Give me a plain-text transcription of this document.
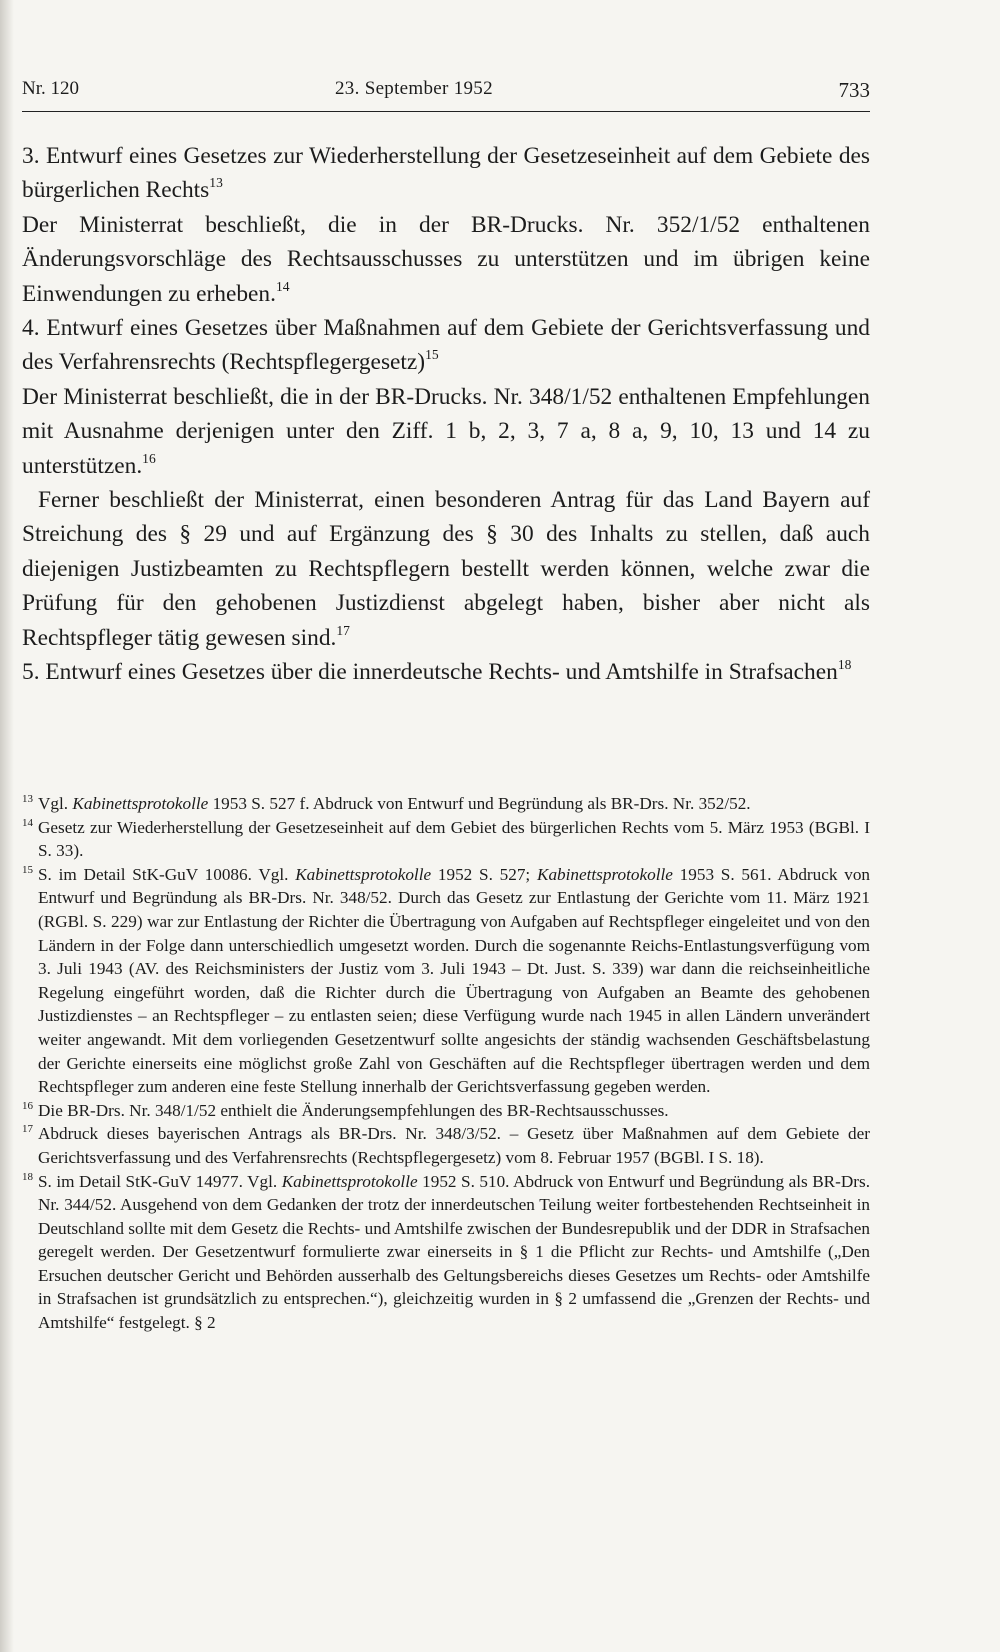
Nr. 120	23. September 1952	733

3. Entwurf eines Gesetzes zur Wiederherstellung der Gesetzeseinheit auf dem Gebiete des bürgerlichen Rechts$^{13}$

Der Ministerrat beschließt, die in der BR-Drucks. Nr. 352/1/52 enthaltenen Änderungsvorschläge des Rechtsausschusses zu unterstützen und im übrigen keine Einwendungen zu erheben.$^{14}$

4. Entwurf eines Gesetzes über Maßnahmen auf dem Gebiete der Gerichtsverfassung und des Verfahrensrechts (Rechtspflegergesetz)$^{15}$

Der Ministerrat beschließt, die in der BR-Drucks. Nr. 348/1/52 enthaltenen Empfehlungen mit Ausnahme derjenigen unter den Ziff. 1 b, 2, 3, 7 a, 8 a, 9, 10, 13 und 14 zu unterstützen.$^{16}$

Ferner beschließt der Ministerrat, einen besonderen Antrag für das Land Bayern auf Streichung des § 29 und auf Ergänzung des § 30 des Inhalts zu stellen, daß auch diejenigen Justizbeamten zu Rechtspflegern bestellt werden können, welche zwar die Prüfung für den gehobenen Justizdienst abgelegt haben, bisher aber nicht als Rechtspfleger tätig gewesen sind.$^{17}$

5. Entwurf eines Gesetzes über die innerdeutsche Rechts- und Amtshilfe in Strafsachen$^{18}$

13 Vgl. Kabinettsprotokolle 1953 S. 527 f. Abdruck von Entwurf und Begründung als BR-Drs. Nr. 352/52.
14 Gesetz zur Wiederherstellung der Gesetzeseinheit auf dem Gebiet des bürgerlichen Rechts vom 5. März 1953 (BGBl. I S. 33).
15 S. im Detail StK-GuV 10086. Vgl. Kabinettsprotokolle 1952 S. 527; Kabinettsprotokolle 1953 S. 561. Abdruck von Entwurf und Begründung als BR-Drs. Nr. 348/52. Durch das Gesetz zur Entlastung der Gerichte vom 11. März 1921 (RGBl. S. 229) war zur Entlastung der Richter die Übertragung von Aufgaben auf Rechtspfleger eingeleitet und von den Ländern in der Folge dann unterschiedlich umgesetzt worden. Durch die sogenannte Reichs-Entlastungsverfügung vom 3. Juli 1943 (AV. des Reichsministers der Justiz vom 3. Juli 1943 – Dt. Just. S. 339) war dann die reichseinheitliche Regelung eingeführt worden, daß die Richter durch die Übertragung von Aufgaben an Beamte des gehobenen Justizdienstes – an Rechtspfleger – zu entlasten seien; diese Verfügung wurde nach 1945 in allen Ländern unverändert weiter angewandt. Mit dem vorliegenden Gesetzentwurf sollte angesichts der ständig wachsenden Geschäftsbelastung der Gerichte einerseits eine möglichst große Zahl von Geschäften auf die Rechtspfleger übertragen werden und dem Rechtspfleger zum anderen eine feste Stellung innerhalb der Gerichtsverfassung gegeben werden.
16 Die BR-Drs. Nr. 348/1/52 enthielt die Änderungsempfehlungen des BR-Rechtsausschusses.
17 Abdruck dieses bayerischen Antrags als BR-Drs. Nr. 348/3/52. – Gesetz über Maßnahmen auf dem Gebiete der Gerichtsverfassung und des Verfahrensrechts (Rechtspflegergesetz) vom 8. Februar 1957 (BGBl. I S. 18).
18 S. im Detail StK-GuV 14977. Vgl. Kabinettsprotokolle 1952 S. 510. Abdruck von Entwurf und Begründung als BR-Drs. Nr. 344/52. Ausgehend von dem Gedanken der trotz der innerdeutschen Teilung weiter fortbestehenden Rechtseinheit in Deutschland sollte mit dem Gesetz die Rechts- und Amtshilfe zwischen der Bundesrepublik und der DDR in Strafsachen geregelt werden. Der Gesetzentwurf formulierte zwar einerseits in § 1 die Pflicht zur Rechts- und Amtshilfe („Den Ersuchen deutscher Gericht und Behörden ausserhalb des Geltungsbereichs dieses Gesetzes um Rechts- oder Amtshilfe in Strafsachen ist grundsätzlich zu entsprechen.“), gleichzeitig wurden in § 2 umfassend die „Grenzen der Rechts- und Amtshilfe“ festgelegt. § 2
